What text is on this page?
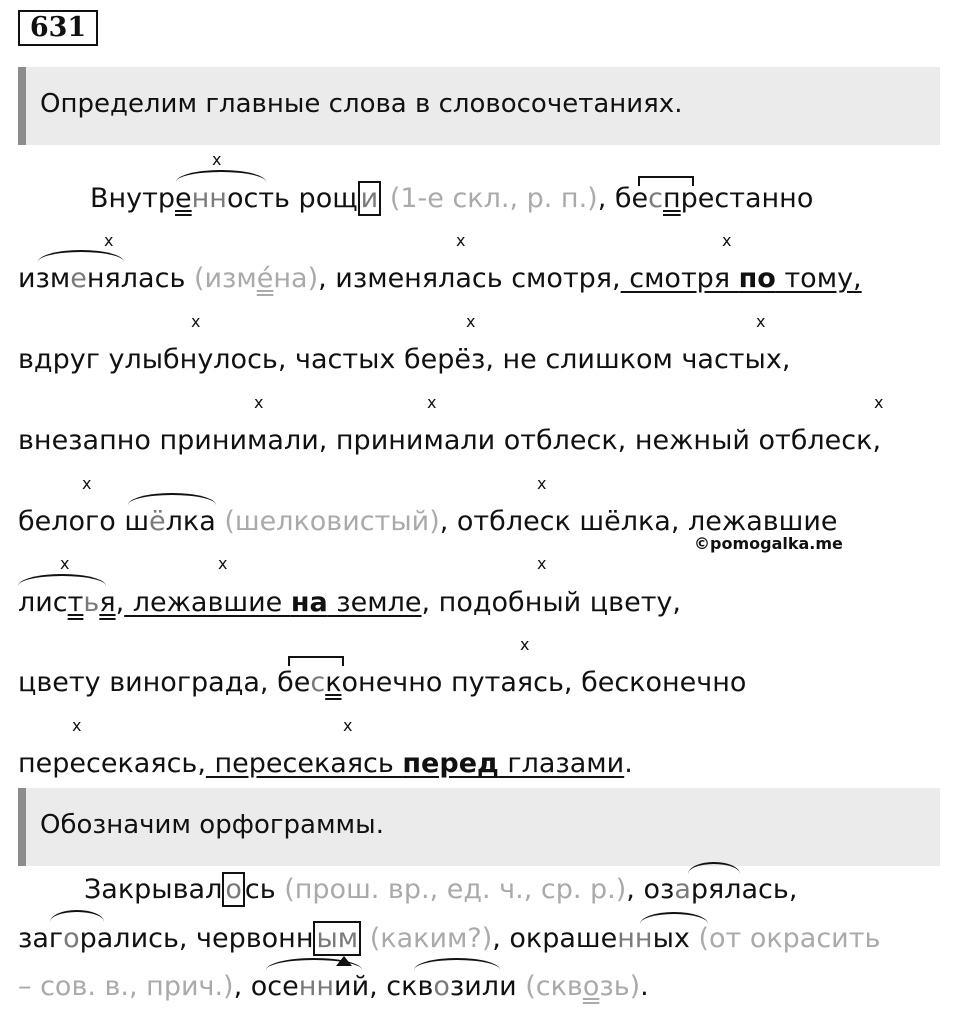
631
Определим главные слова в словосочетаниях.
Внутренность рощ и (1-е скл., р. п.), беспрестанно
изменялась (измéна), изменялась смотря, смотря по тому,
вдруг улыбнулось, частых берёз, не слишком частых,
внезапно принимали, принимали отблеск, нежный отблеск,
белого шёлка (шелковистый), отблеск шёлка, лежавшие
листья, лежавшие на земле, подобный цвету,
цвету винограда, бесконечно путаясь, бесконечно
пересекаясь, пересекаясь перед глазами.
Обозначим орфограммы.
Закрывал о сь (прош. вр., ед. ч., ср. р.), озарялась,
загорались, червонн ым (каким?), окрашенных (от окрасить
– сов. в., прич.), осенний, сквозили (сквозь).
x
x	x	x
x	x	x
x	x	x
x	x
x	x	x
x
x	x
©pomogalka.me
